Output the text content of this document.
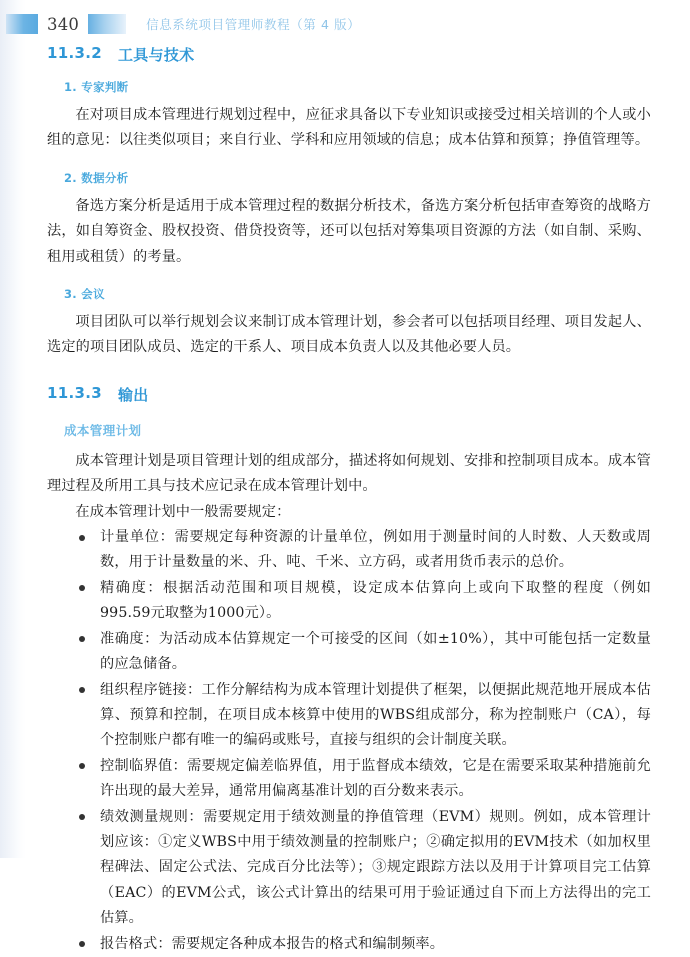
340	信息系统项目管理师教程（第 4 版）
11.3.2 工具与技术
1. 专家判断

在对项目成本管理进行规划过程中，应征求具备以下专业知识或接受过相关培训的个人或小组的意见：以往类似项目；来自行业、学科和应用领域的信息；成本估算和预算；挣值管理等。

2. 数据分析

备选方案分析是适用于成本管理过程的数据分析技术，备选方案分析包括审查筹资的战略方法，如自筹资金、股权投资、借贷投资等，还可以包括对筹集项目资源的方法（如自制、采购、租用或租赁）的考量。

3. 会议

项目团队可以举行规划会议来制订成本管理计划，参会者可以包括项目经理、项目发起人、选定的项目团队成员、选定的干系人、项目成本负责人以及其他必要人员。

11.3.3 输出
成本管理计划

成本管理计划是项目管理计划的组成部分，描述将如何规划、安排和控制项目成本。成本管理过程及所用工具与技术应记录在成本管理计划中。

在成本管理计划中一般需要规定：

计量单位：需要规定每种资源的计量单位，例如用于测量时间的人时数、人天数或周数，用于计量数量的米、升、吨、千米、立方码，或者用货币表示的总价。
精确度：根据活动范围和项目规模，设定成本估算向上或向下取整的程度（例如995.59元取整为1000元）。
准确度：为活动成本估算规定一个可接受的区间（如±10%），其中可能包括一定数量的应急储备。
组织程序链接：工作分解结构为成本管理计划提供了框架，以便据此规范地开展成本估算、预算和控制，在项目成本核算中使用的WBS组成部分，称为控制账户（CA），每个控制账户都有唯一的编码或账号，直接与组织的会计制度关联。
控制临界值：需要规定偏差临界值，用于监督成本绩效，它是在需要采取某种措施前允许出现的最大差异，通常用偏离基准计划的百分数来表示。
绩效测量规则：需要规定用于绩效测量的挣值管理（EVM）规则。例如，成本管理计划应该：①定义WBS中用于绩效测量的控制账户；②确定拟用的EVM技术（如加权里程碑法、固定公式法、完成百分比法等）；③规定跟踪方法以及用于计算项目完工估算（EAC）的EVM公式，该公式计算出的结果可用于验证通过自下而上方法得出的完工估算。
报告格式：需要规定各种成本报告的格式和编制频率。
